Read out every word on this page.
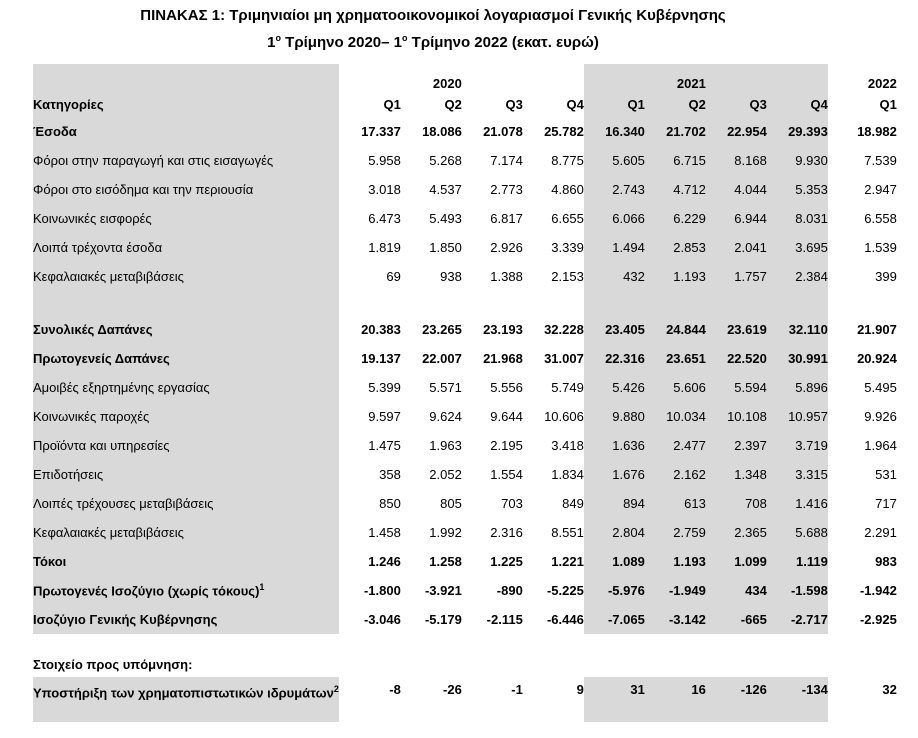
ΠΙΝΑΚΑΣ 1: Τριμηνιαίοι μη χρηματοοικονομικοί λογαριασμοί Γενικής Κυβέρνησης
$1^o$ Τρίμηνο 2020– $1^o$ Τρίμηνο 2022 (εκατ. ευρώ)
		2020				2021			2022
Κατηγορίες	Q1	Q2	Q3	Q4	Q1	Q2	Q3	Q4	Q1
Έσοδα	17.337	18.086	21.078	25.782	16.340	21.702	22.954	29.393	18.982
Φόροι στην παραγωγή και στις εισαγωγές	5.958	5.268	7.174	8.775	5.605	6.715	8.168	9.930	7.539
Φόροι στο εισόδημα και την περιουσία	3.018	4.537	2.773	4.860	2.743	4.712	4.044	5.353	2.947
Κοινωνικές εισφορές	6.473	5.493	6.817	6.655	6.066	6.229	6.944	8.031	6.558
Λοιπά τρέχοντα έσοδα	1.819	1.850	2.926	3.339	1.494	2.853	2.041	3.695	1.539
Κεφαλαιακές μεταβιβάσεις	69	938	1.388	2.153	432	1.193	1.757	2.384	399

Συνολικές Δαπάνες	20.383	23.265	23.193	32.228	23.405	24.844	23.619	32.110	21.907
Πρωτογενείς Δαπάνες	19.137	22.007	21.968	31.007	22.316	23.651	22.520	30.991	20.924
Αμοιβές εξηρτημένης εργασίας	5.399	5.571	5.556	5.749	5.426	5.606	5.594	5.896	5.495
Κοινωνικές παροχές	9.597	9.624	9.644	10.606	9.880	10.034	10.108	10.957	9.926
Προϊόντα και υπηρεσίες	1.475	1.963	2.195	3.418	1.636	2.477	2.397	3.719	1.964
Επιδοτήσεις	358	2.052	1.554	1.834	1.676	2.162	1.348	3.315	531
Λοιπές τρέχουσες μεταβιβάσεις	850	805	703	849	894	613	708	1.416	717
Κεφαλαιακές μεταβιβάσεις	1.458	1.992	2.316	8.551	2.804	2.759	2.365	5.688	2.291
Τόκοι	1.246	1.258	1.225	1.221	1.089	1.193	1.099	1.119	983
Πρωτογενές Ισοζύγιο (χωρίς τόκους)$^1$	-1.800	-3.921	-890	-5.225	-5.976	-1.949	434	-1.598	-1.942
Ισοζύγιο Γενικής Κυβέρνησης	-3.046	-5.179	-2.115	-6.446	-7.065	-3.142	-665	-2.717	-2.925

Στοιχείο προς υπόμνηση:									
Υποστήριξη των χρηματοπιστωτικών ιδρυμάτων$^2$	-8	-26	-1	9	31	16	-126	-134	32
